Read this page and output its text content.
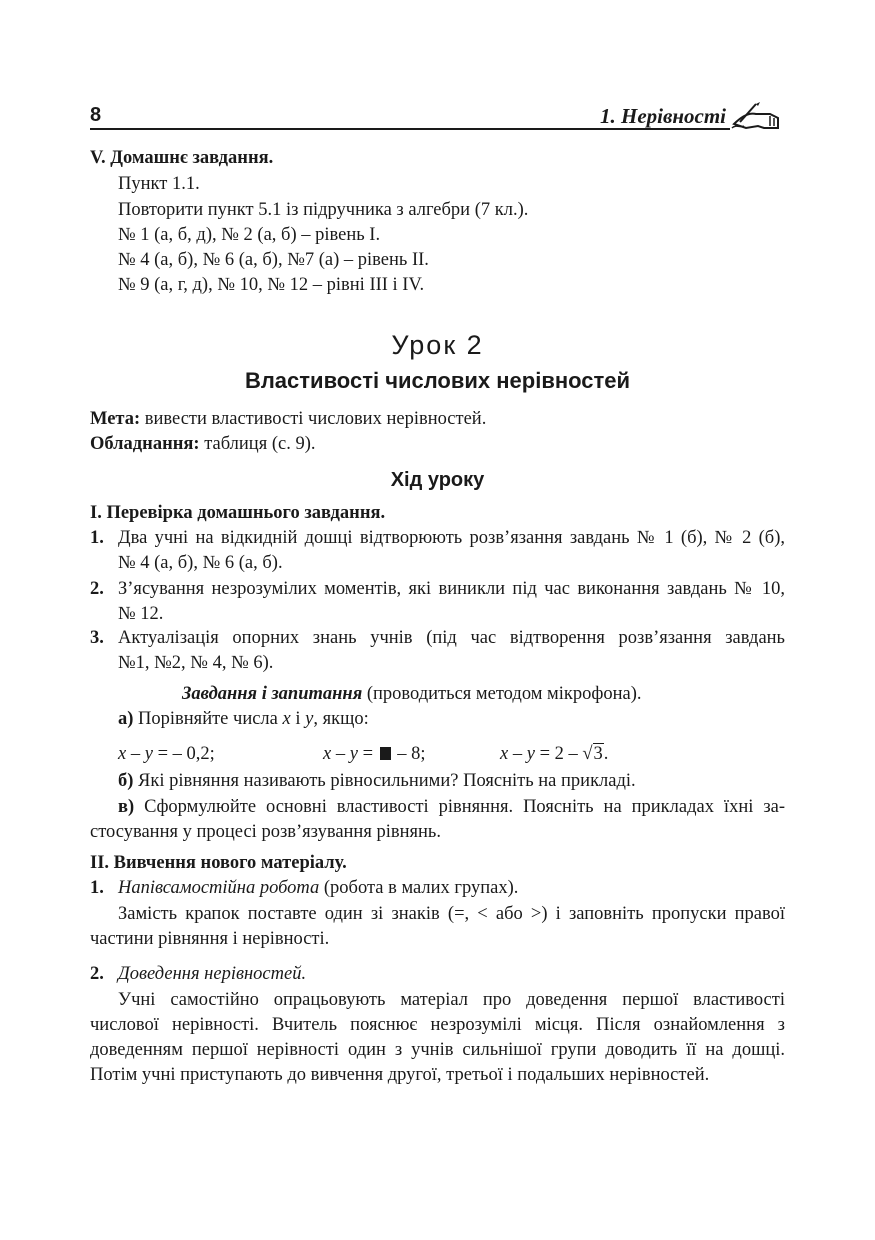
8	1. Нерівності
V. Домашнє завдання.
Пункт 1.1.
Повторити пункт 5.1 із підручника з алгебри (7 кл.).
№ 1 (а, б, д), № 2 (а, б) – рівень I.
№ 4 (а, б), № 6 (а, б), №7 (а) – рівень II.
№ 9 (а, г, д), № 10, № 12 – рівні III і IV.
Урок 2
Властивості числових нерівностей
Мета: вивести властивості числових нерівностей.
Обладнання: таблиця (с. 9).
Хід уроку
I. Перевірка домашнього завдання.
1. Два учні на відкидній дошці відтворюють розв’язання завдань № 1 (б), № 2 (б),
№ 4 (а, б), № 6 (а, б).
2. З’ясування незрозумілих моментів, які виникли під час виконання завдань № 10,
№ 12.
3. Актуалізація опорних знань учнів (під час відтворення розв’язання завдань
№1, №2, № 4, № 6).
Завдання і запитання (проводиться методом мікрофона).
а) Порівняйте числа x і y, якщо:
x – y = – 0,2;	x – y =  – 8;	x – y = 2 – √3.
б) Які рівняння називають рівносильними? Поясніть на прикладі.
в) Сформулюйте основні властивості рівняння. Поясніть на прикладах їхні за-
стосування у процесі розв’язування рівнянь.
II. Вивчення нового матеріалу.
1. Напівсамостійна робота (робота в малих групах).
Замість крапок поставте один зі знаків (=, < або >) і заповніть пропуски правої
частини рівняння і нерівності.
2. Доведення нерівностей.
Учні самостійно опрацьовують матеріал про доведення першої властивості
числової нерівності. Вчитель пояснює незрозумілі місця. Після ознайомлення з
доведенням першої нерівності один з учнів сильнішої групи доводить її на дошці.
Потім учні приступають до вивчення другої, третьої і подальших нерівностей.
